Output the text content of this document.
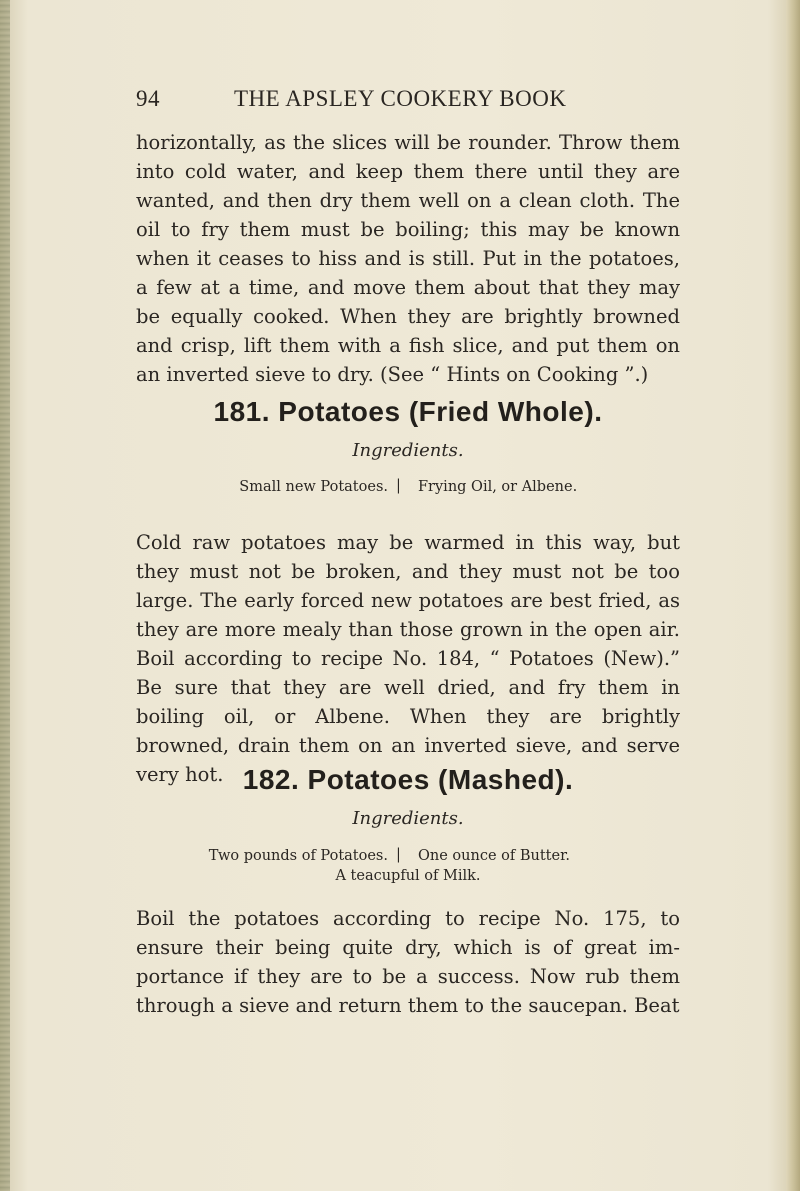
94	THE APSLEY COOKERY BOOK

horizontally, as the slices will be rounder. Throw them into cold water, and keep them there until they are wanted, and then dry them well on a clean cloth. The oil to fry them must be boiling; this may be known when it ceases to hiss and is still. Put in the potatoes, a few at a time, and move them about that they may be equally cooked. When they are brightly browned and crisp, lift them with a fish slice, and put them on an inverted sieve to dry. (See “ Hints on Cooking ”.)

181. Potatoes (Fried Whole).
Ingredients.
Small new Potatoes. | Frying Oil, or Albene.

Cold raw potatoes may be warmed in this way, but they must not be broken, and they must not be too large. The early forced new potatoes are best fried, as they are more mealy than those grown in the open air. Boil according to recipe No. 184, “ Potatoes (New).” Be sure that they are well dried, and fry them in boiling oil, or Albene. When they are brightly browned, drain them on an inverted sieve, and serve very hot. 182. Potatoes (Mashed).
Ingredients.
Two pounds of Potatoes. | One ounce of Butter.
A teacupful of Milk.

Boil the potatoes according to recipe No. 175, to ensure their being quite dry, which is of great importance if they are to be a success. Now rub them through a sieve and return them to the saucepan. Beat
